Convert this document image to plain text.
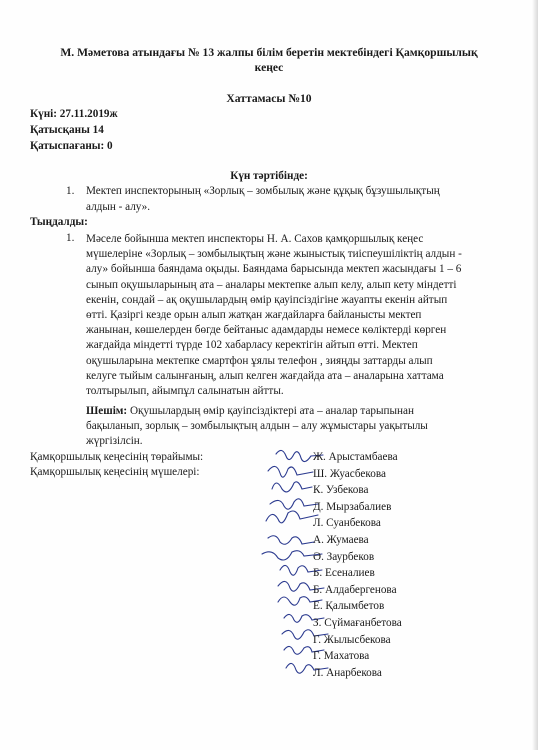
М. Мәметова атындағы № 13 жалпы білім беретін мектебіндегі Қамқоршылық
кеңес
Хаттамасы №10
Күні: 27.11.2019ж
Қатысқаны 14
Қатыспағаны: 0
Күн тәртібінде:
1. Мектеп инспекторының «Зорлық – зомбылық және құқық бұзушылықтың
алдын - алу».
Тыңдалды:
1. Мәселе бойынша мектеп инспекторы Н. А. Сахов қамқоршылық кеңес
мүшелеріне «Зорлық – зомбылықтың және жыныстық тиіспеушіліктің алдын -
алу» бойынша баяндама оқыды. Баяндама барысында мектеп жасындағы 1 – 6
сынып оқушыларының ата – аналары мектепке алып келу, алып кету міндетті
екенін, сондай – ақ оқушылардың өмір қауіпсіздігіне жауапты екенін айтып
өтті. Қазіргі кезде орын алып жатқан жағдайларға байланысты мектеп
жанынан, көшелерден бөгде бейтаныс адамдарды немесе көліктерді көрген
жағдайда міндетті түрде 102 хабарласу керектігін айтып өтті. Мектеп
оқушыларына мектепке смартфон ұялы телефон , зияңды заттарды алып
келуге тыйым салынғаның, алып келген жағдайда ата – аналарына хаттама
толтырылып, айымпұл салынатын айтты.
Шешім: Оқушылардың өмір қауіпсіздіктері ата – аналар тарыпынан
бақыланып, зорлық – зомбылықтың алдын – алу жұмыстары уақытылы
жүргізілсін.
Қамқоршылық кеңесінің төрайымы:
Қамқоршылық кеңесінің мүшелері:
Ж. Арыстамбаева
Ш. Жуасбекова
К. Узбекова
Д. Мырзабалиев
Л. Суанбекова
А. Жумаева
Ә. Заурбеков
Б. Есеналиев
Б. Алдабергенова
Е. Қалымбетов
З. Сүймағанбетова
Г. Жылысбекова
Г. Махатова
Л. Анарбекова
